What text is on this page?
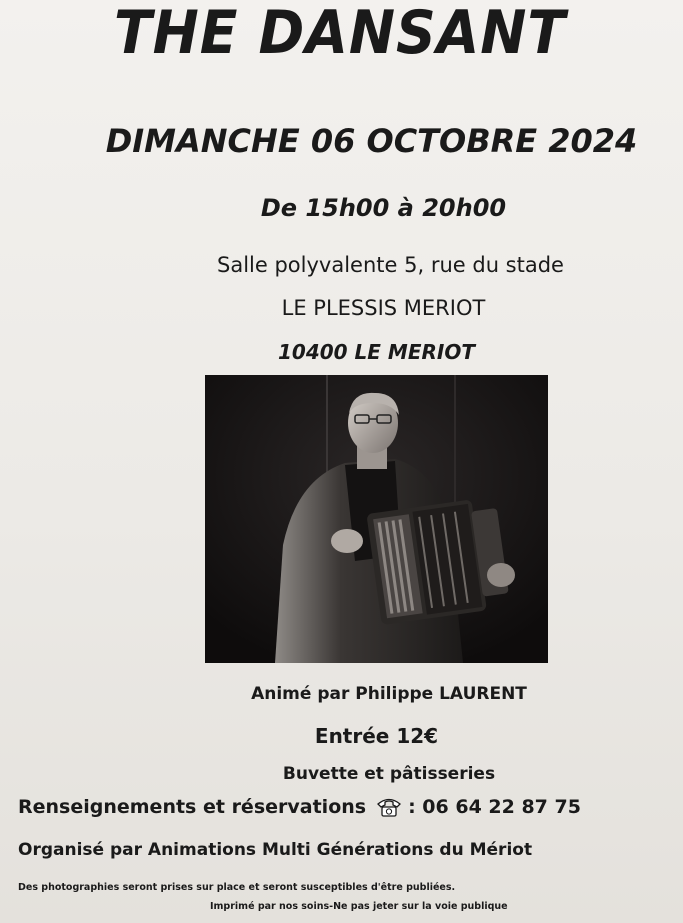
THE DANSANT
DIMANCHE 06 OCTOBRE 2024
De 15h00 à 20h00
Salle polyvalente 5, rue du stade
LE PLESSIS MERIOT
10400 LE MERIOT
Animé par Philippe LAURENT
Entrée 12€
Buvette et pâtisseries
Renseignements et réservations : 06 64 22 87 75
Organisé par Animations Multi Générations du Mériot
Des photographies seront prises sur place et seront susceptibles d'être publiées.
Imprimé par nos soins-Ne pas jeter sur la voie publique
